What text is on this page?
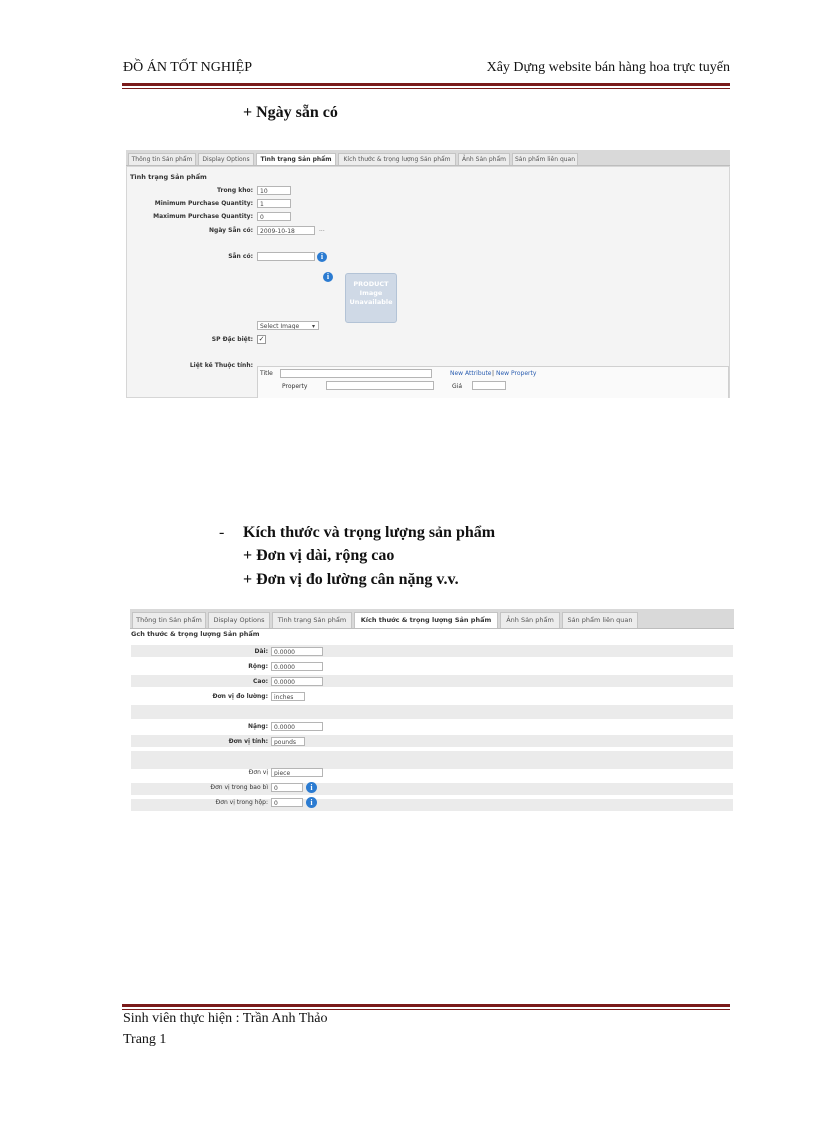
ĐỒ ÁN TỐT NGHIỆP	Xây Dựng website bán hàng hoa trực tuyến
+ Ngày sẵn có
Thông tin Sản phẩm	Display Options	Tình trạng Sản phẩm	Kích thước & trọng lượng Sản phẩm	Ảnh Sản phẩm	Sản phẩm liên quan
Tình trạng Sản phẩm
Trong kho:	10
Minimum Purchase Quantity:	1
Maximum Purchase Quantity:	0
Ngày Sẵn có:	2009-10-18	...
Sẵn có:	i
i
PRODUCT Image Unavailable
Select Image ▾
SP Đặc biệt: ✓
Liệt kê Thuộc tính:
Title	New Attribute | New Property
Property	Giá
- Kích thước và trọng lượng sản phẩm
+ Đơn vị dài, rộng cao
+ Đơn vị đo lường cân nặng v.v.
Thông tin Sản phẩm	Display Options	Tình trạng Sản phẩm	Kích thước & trọng lượng Sản phẩm	Ảnh Sản phẩm	Sản phẩm liên quan
Gch thước & trọng lượng Sản phẩm
Dài:	0.0000
Rộng:	0.0000
Cao:	0.0000
Đơn vị đo lường:	inches
Nặng:	0.0000
Đơn vị tính:	pounds
Đơn vị	piece
Đơn vị trong bao bì	0	i
Đơn vị trong hộp:	0	i
Sinh viên thực hiện : Trần Anh Thảo
Trang 1
